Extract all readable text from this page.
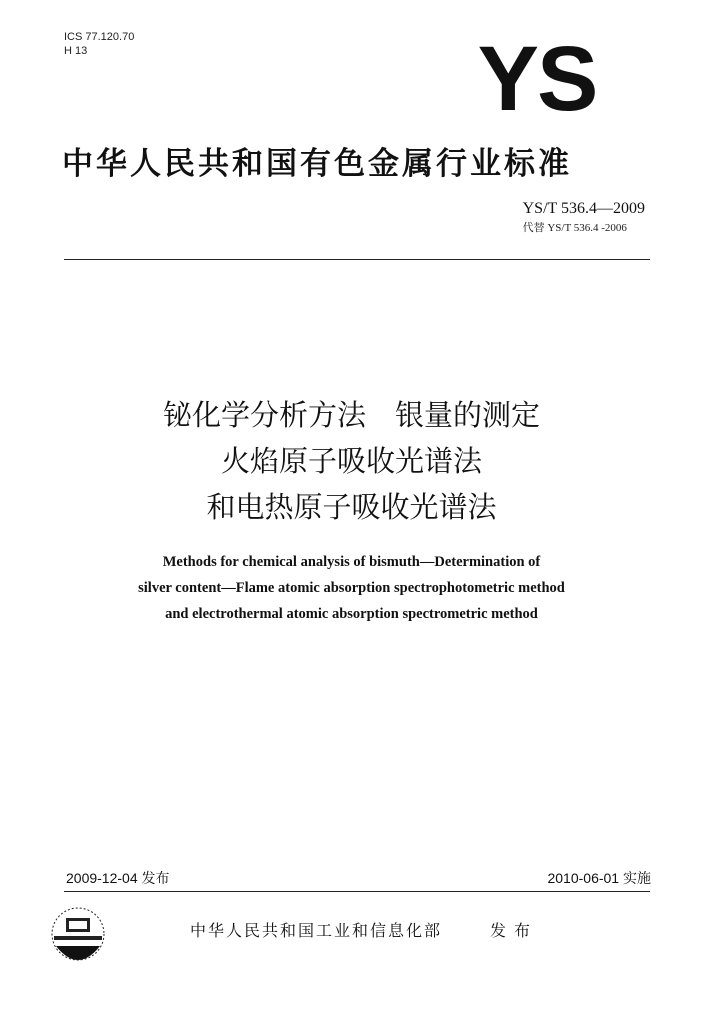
ICS 77.120.70
H 13	YS
中华人民共和国有色金属行业标准
YS/T 536.4—2009
代替 YS/T 536.4 -2006
铋化学分析方法　银量的测定
火焰原子吸收光谱法
和电热原子吸收光谱法
Methods for chemical analysis of bismuth—Determination of
silver content—Flame atomic absorption spectrophotometric method
and electrothermal atomic absorption spectrometric method
2009-12-04 发布	2010-06-01 实施
中华人民共和国工业和信息化部	发布
